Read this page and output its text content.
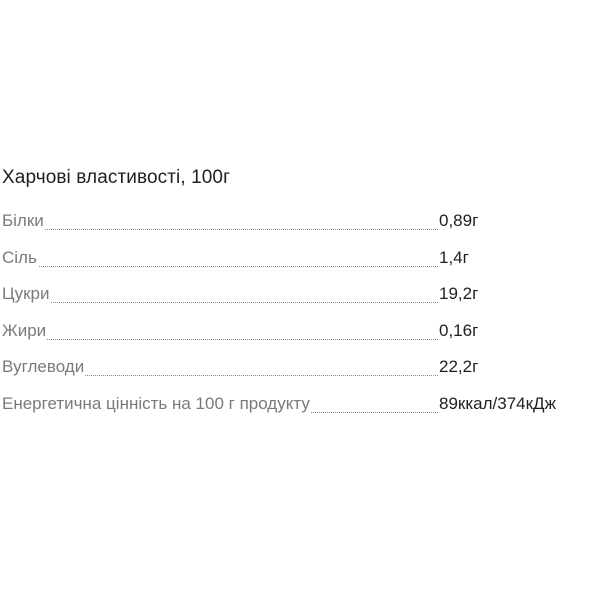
Харчові властивості, 100г
Білки	0,89г
Сіль	1,4г
Цукри	19,2г
Жири	0,16г
Вуглеводи	22,2г
Енергетична цінність на 100 г продукту	89ккал/374кДж
